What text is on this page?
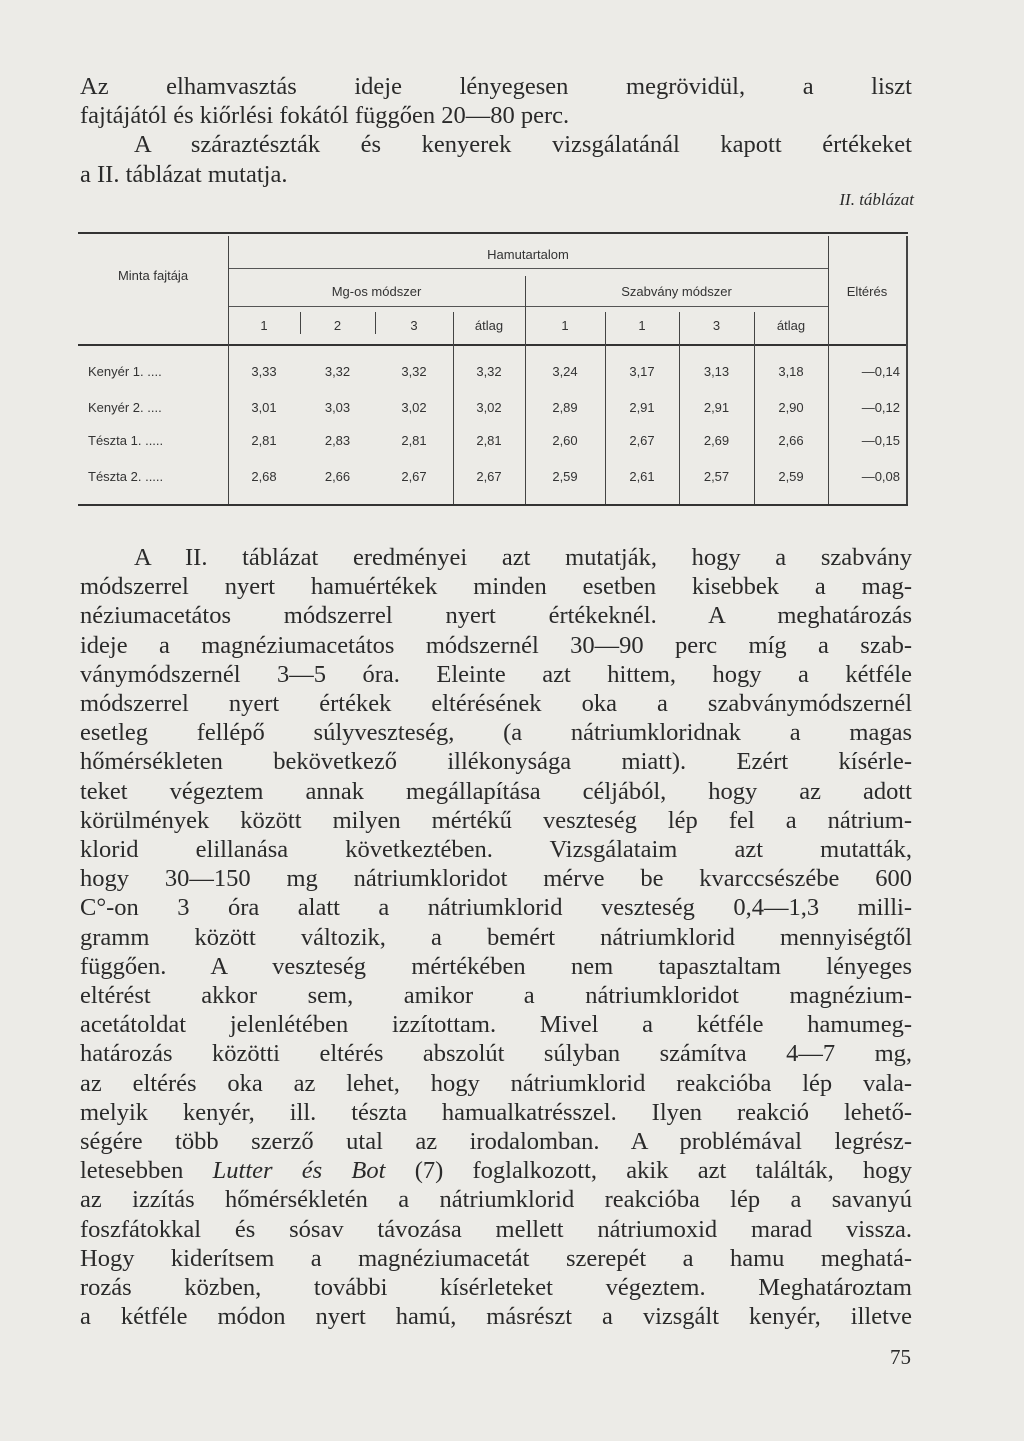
Az elhamvasztás ideje lényegesen megrövidül, a liszt
fajtájától és kiőrlési fokától függően 20—80 perc.
A száraztészták és kenyerek vizsgálatánál kapott értékeket
a II. táblázat mutatja.
II. táblázat
Minta fajtája
Hamutartalom
Mg-os módszer	Szabvány módszer	Eltérés
1	2	3	átlag	1	1	3	átlag
Kenyér 1. ....	3,33	3,32	3,32	3,32	3,24	3,17	3,13	3,18	—0,14
Kenyér 2. ....	3,01	3,03	3,02	3,02	2,89	2,91	2,91	2,90	—0,12
Tészta 1. .....	2,81	2,83	2,81	2,81	2,60	2,67	2,69	2,66	—0,15
Tészta 2. .....	2,68	2,66	2,67	2,67	2,59	2,61	2,57	2,59	—0,08
A II. táblázat eredményei azt mutatják, hogy a szabvány
módszerrel nyert hamuértékek minden esetben kisebbek a mag-
néziumacetátos módszerrel nyert értékeknél. A meghatározás
ideje a magnéziumacetátos módszernél 30—90 perc míg a szab-
ványmódszernél 3—5 óra. Eleinte azt hittem, hogy a kétféle
módszerrel nyert értékek eltérésének oka a szabványmódszernél
esetleg fellépő súlyveszteség, (a nátriumkloridnak a magas
hőmérsékleten bekövetkező illékonysága miatt). Ezért kísérle-
teket végeztem annak megállapítása céljából, hogy az adott
körülmények között milyen mértékű veszteség lép fel a nátrium-
klorid elillanása következtében. Vizsgálataim azt mutatták,
hogy 30—150 mg nátriumkloridot mérve be kvarccsészébe 600
C°-on 3 óra alatt a nátriumklorid veszteség 0,4—1,3 milli-
gramm között változik, a bemért nátriumklorid mennyiségtől
függően. A veszteség mértékében nem tapasztaltam lényeges
eltérést akkor sem, amikor a nátriumkloridot magnézium-
acetátoldat jelenlétében izzítottam. Mivel a kétféle hamumeg-
határozás közötti eltérés abszolút súlyban számítva 4—7 mg,
az eltérés oka az lehet, hogy nátriumklorid reakcióba lép vala-
melyik kenyér, ill. tészta hamualkatrésszel. Ilyen reakció lehető-
ségére több szerző utal az irodalomban. A problémával legrész-
letesebben Lutter és Bot (7) foglalkozott, akik azt találták, hogy
az izzítás hőmérsékletén a nátriumklorid reakcióba lép a savanyú
foszfátokkal és sósav távozása mellett nátriumoxid marad vissza.
Hogy kiderítsem a magnéziumacetát szerepét a hamu meghatá-
rozás közben, további kísérleteket végeztem. Meghatároztam
a kétféle módon nyert hamú, másrészt a vizsgált kenyér, illetve
75
